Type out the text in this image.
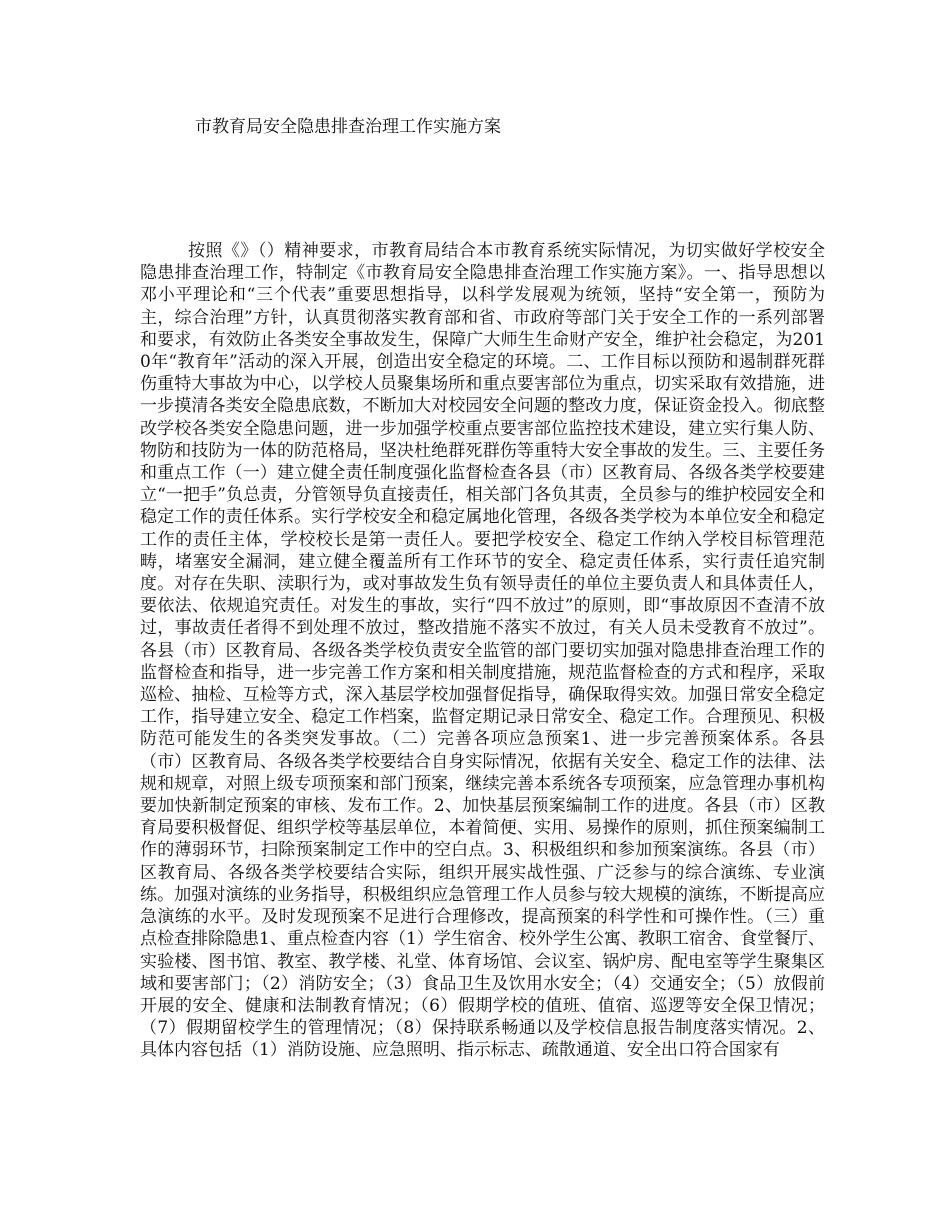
市教育局安全隐患排查治理工作实施方案

按照《》（）精神要求，市教育局结合本市教育系统实际情况，为切实做好学校安全隐患排查治理工作，特制定《市教育局安全隐患排查治理工作实施方案》。一、指导思想以邓小平理论和“三个代表”重要思想指导，以科学发展观为统领，坚持“安全第一，预防为主，综合治理”方针，认真贯彻落实教育部和省、市政府等部门关于安全工作的一系列部署和要求，有效防止各类安全事故发生，保障广大师生生命财产安全，维护社会稳定，为2010年“教育年”活动的深入开展，创造出安全稳定的环境。二、工作目标以预防和遏制群死群伤重特大事故为中心，以学校人员聚集场所和重点要害部位为重点，切实采取有效措施，进一步摸清各类安全隐患底数，不断加大对校园安全问题的整改力度，保证资金投入。彻底整改学校各类安全隐患问题，进一步加强学校重点要害部位监控技术建设，建立实行集人防、物防和技防为一体的防范格局，坚决杜绝群死群伤等重特大安全事故的发生。三、主要任务和重点工作（一）建立健全责任制度强化监督检查各县（市）区教育局、各级各类学校要建立“一把手”负总责，分管领导负直接责任，相关部门各负其责，全员参与的维护校园安全和稳定工作的责任体系。实行学校安全和稳定属地化管理，各级各类学校为本单位安全和稳定工作的责任主体，学校校长是第一责任人。要把学校安全、稳定工作纳入学校目标管理范畴，堵塞安全漏洞，建立健全覆盖所有工作环节的安全、稳定责任体系，实行责任追究制度。对存在失职、渎职行为，或对事故发生负有领导责任的单位主要负责人和具体责任人，要依法、依规追究责任。对发生的事故，实行“四不放过”的原则，即“事故原因不查清不放过，事故责任者得不到处理不放过，整改措施不落实不放过，有关人员未受教育不放过”。各县（市）区教育局、各级各类学校负责安全监管的部门要切实加强对隐患排查治理工作的监督检查和指导，进一步完善工作方案和相关制度措施，规范监督检查的方式和程序，采取巡检、抽检、互检等方式，深入基层学校加强督促指导，确保取得实效。加强日常安全稳定工作，指导建立安全、稳定工作档案，监督定期记录日常安全、稳定工作。合理预见、积极防范可能发生的各类突发事故。（二）完善各项应急预案1、进一步完善预案体系。各县（市）区教育局、各级各类学校要结合自身实际情况，依据有关安全、稳定工作的法律、法规和规章，对照上级专项预案和部门预案，继续完善本系统各专项预案，应急管理办事机构要加快新制定预案的审核、发布工作。2、加快基层预案编制工作的进度。各县（市）区教育局要积极督促、组织学校等基层单位，本着简便、实用、易操作的原则，抓住预案编制工作的薄弱环节，扫除预案制定工作中的空白点。3、积极组织和参加预案演练。各县（市）区教育局、各级各类学校要结合实际，组织开展实战性强、广泛参与的综合演练、专业演练。加强对演练的业务指导，积极组织应急管理工作人员参与较大规模的演练，不断提高应急演练的水平。及时发现预案不足进行合理修改，提高预案的科学性和可操作性。（三）重点检查排除隐患1、重点检查内容（1）学生宿舍、校外学生公寓、教职工宿舍、食堂餐厅、实验楼、图书馆、教室、教学楼、礼堂、体育场馆、会议室、锅炉房、配电室等学生聚集区域和要害部门；（2）消防安全；（3）食品卫生及饮用水安全；（4）交通安全；（5）放假前开展的安全、健康和法制教育情况；（6）假期学校的值班、值宿、巡逻等安全保卫情况；（7）假期留校学生的管理情况；（8）保持联系畅通以及学校信息报告制度落实情况。2、具体内容包括（1）消防设施、应急照明、指示标志、疏散通道、安全出口符合国家有
